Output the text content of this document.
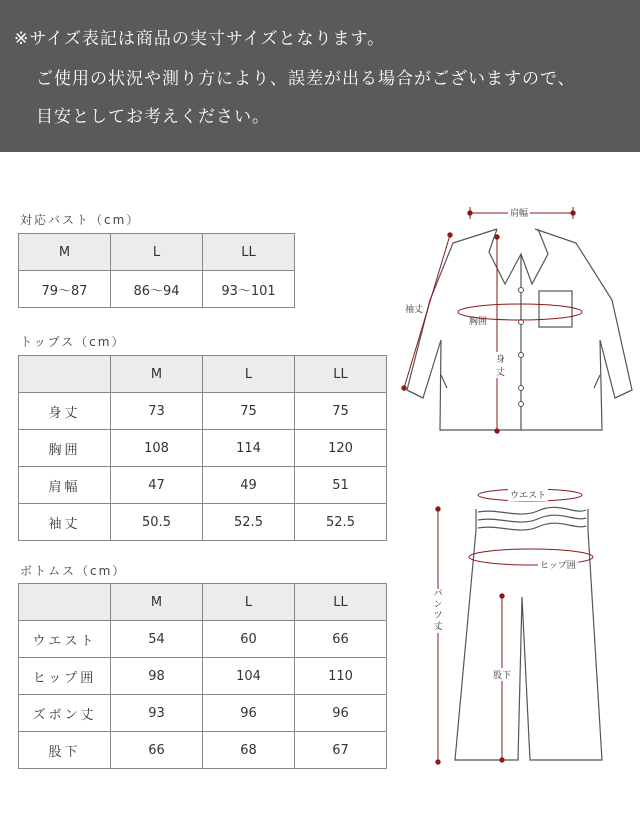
※サイズ表記は商品の実寸サイズとなります。
ご使用の状況や測り方により、誤差が出る場合がございますので、
目安としてお考えください。
対応バスト（cm）
M	L	LL
79〜87	86〜94	93〜101
トップス（cm）
	M	L	LL
身丈	73	75	75
胸囲	108	114	120
肩幅	47	49	51
袖丈	50.5	52.5	52.5
ボトムス（cm）
	M	L	LL
ウエスト	54	60	66
ヒップ囲	98	104	110
ズボン丈	93	96	96
股下	66	68	67
肩幅
袖丈
胸囲
身
丈
ウエスト
ヒップ囲
パンツ丈
股下
